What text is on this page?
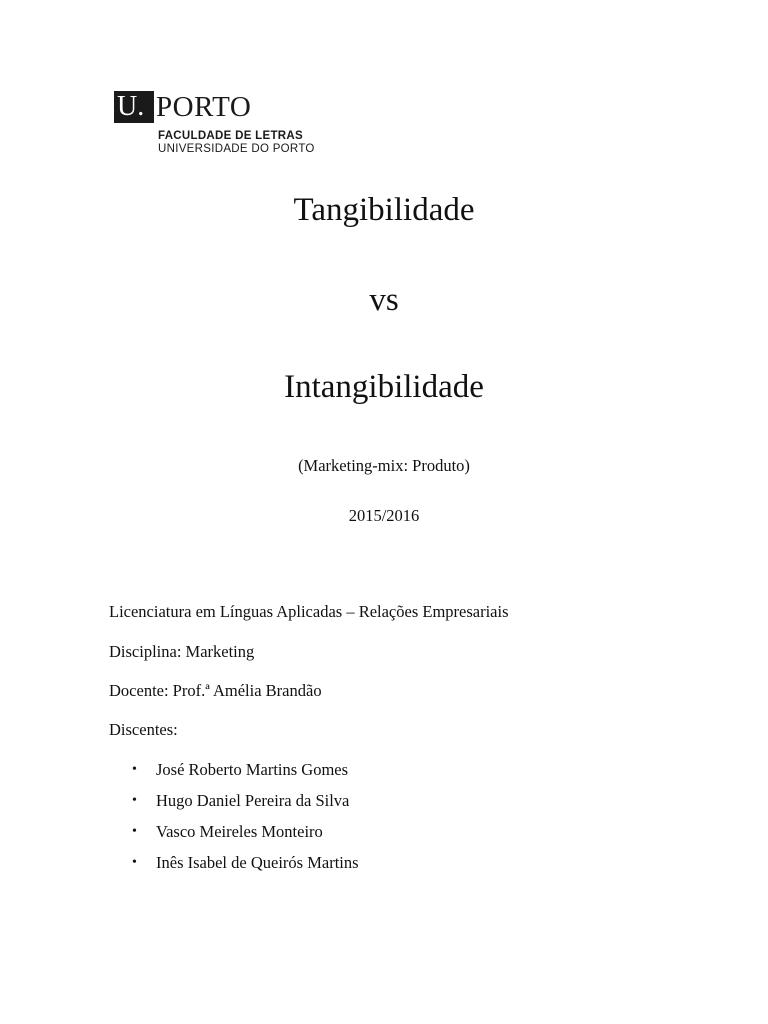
U. PORTO
FACULDADE DE LETRAS
UNIVERSIDADE DO PORTO
Tangibilidade
vs
Intangibilidade
(Marketing-mix: Produto)
2015/2016
Licenciatura em Línguas Aplicadas – Relações Empresariais
Disciplina: Marketing
Docente: Prof.ª Amélia Brandão
Discentes:
•	José Roberto Martins Gomes
•	Hugo Daniel Pereira da Silva
•	Vasco Meireles Monteiro
•	Inês Isabel de Queirós Martins
